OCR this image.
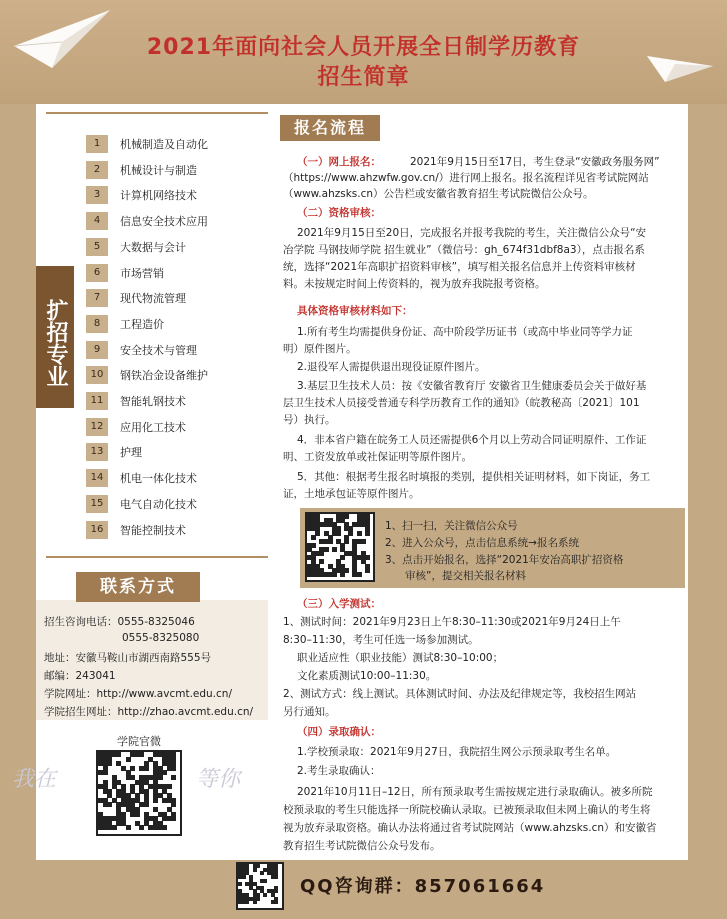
2021年面向社会人员开展全日制学历教育
招生简章
扩招专业
1	机械制造及自动化
2	机械设计与制造
3	计算机网络技术
4	信息安全技术应用
5	大数据与会计
6	市场营销
7	现代物流管理
8	工程造价
9	安全技术与管理
10	钢铁冶金设备维护
11	智能轧钢技术
12	应用化工技术
13	护理
14	机电一体化技术
15	电气自动化技术
16	智能控制技术
联系方式
招生咨询电话：0555-8325046
0555-8325080
地址：安徽马鞍山市湖西南路555号
邮编：243041
学院网址：http://www.avcmt.edu.cn/
学院招生网址：http://zhao.avcmt.edu.cn/
学院官微
我在	等你
报名流程
（一）网上报名：	2021年9月15日至17日，考生登录“安徽政务服务网”
（https://www.ahzwfw.gov.cn/）进行网上报名。报名流程详见省考试院网站
（www.ahzsks.cn）公告栏或安徽省教育招生考试院微信公众号。
（二）资格审核：
2021年9月15日至20日，完成报名并报考我院的考生，关注微信公众号“安
冶学院 马钢技师学院 招生就业”（微信号：gh_674f31dbf8a3），点击报名系
统，选择“2021年高职扩招资料审核”，填写相关报名信息并上传资料审核材
料。未按规定时间上传资料的，视为放弃我院报考资格。
具体资格审核材料如下：
1.所有考生均需提供身份证、高中阶段学历证书（或高中毕业同等学力证
明）原件图片。
2.退役军人需提供退出现役证原件图片。
3.基层卫生技术人员：按《安徽省教育厅 安徽省卫生健康委员会关于做好基
层卫生技术人员接受普通专科学历教育工作的通知》（皖教秘高〔2021〕101
号）执行。
4．非本省户籍在皖务工人员还需提供6个月以上劳动合同证明原件、工作证
明、工资发放单或社保证明等原件图片。
5．其他：根据考生报名时填报的类别，提供相关证明材料，如下岗证，务工
证，土地承包证等原件图片。
1、扫一扫，关注微信公众号
2、进入公众号，点击信息系统→报名系统
3、点击开始报名，选择“2021年安冶高职扩招资格
审核”，提交相关报名材料
（三）入学测试：
1、测试时间：2021年9月23日上午8:30–11:30或2021年9月24日上午
8:30–11:30，考生可任选一场参加测试。
职业适应性（职业技能）测试8:30–10:00；
文化素质测试10:00–11:30。
2、测试方式：线上测试。具体测试时间、办法及纪律规定等，我校招生网站
另行通知。
（四）录取确认：
1.学校预录取：2021年9月27日，我院招生网公示预录取考生名单。
2.考生录取确认：
2021年10月11日–12日，所有预录取考生需按规定进行录取确认。被多所院
校预录取的考生只能选择一所院校确认录取。已被预录取但未网上确认的考生将
视为放弃录取资格。确认办法将通过省考试院网站（www.ahzsks.cn）和安徽省
教育招生考试院微信公众号发布。
QQ咨询群：857061664
